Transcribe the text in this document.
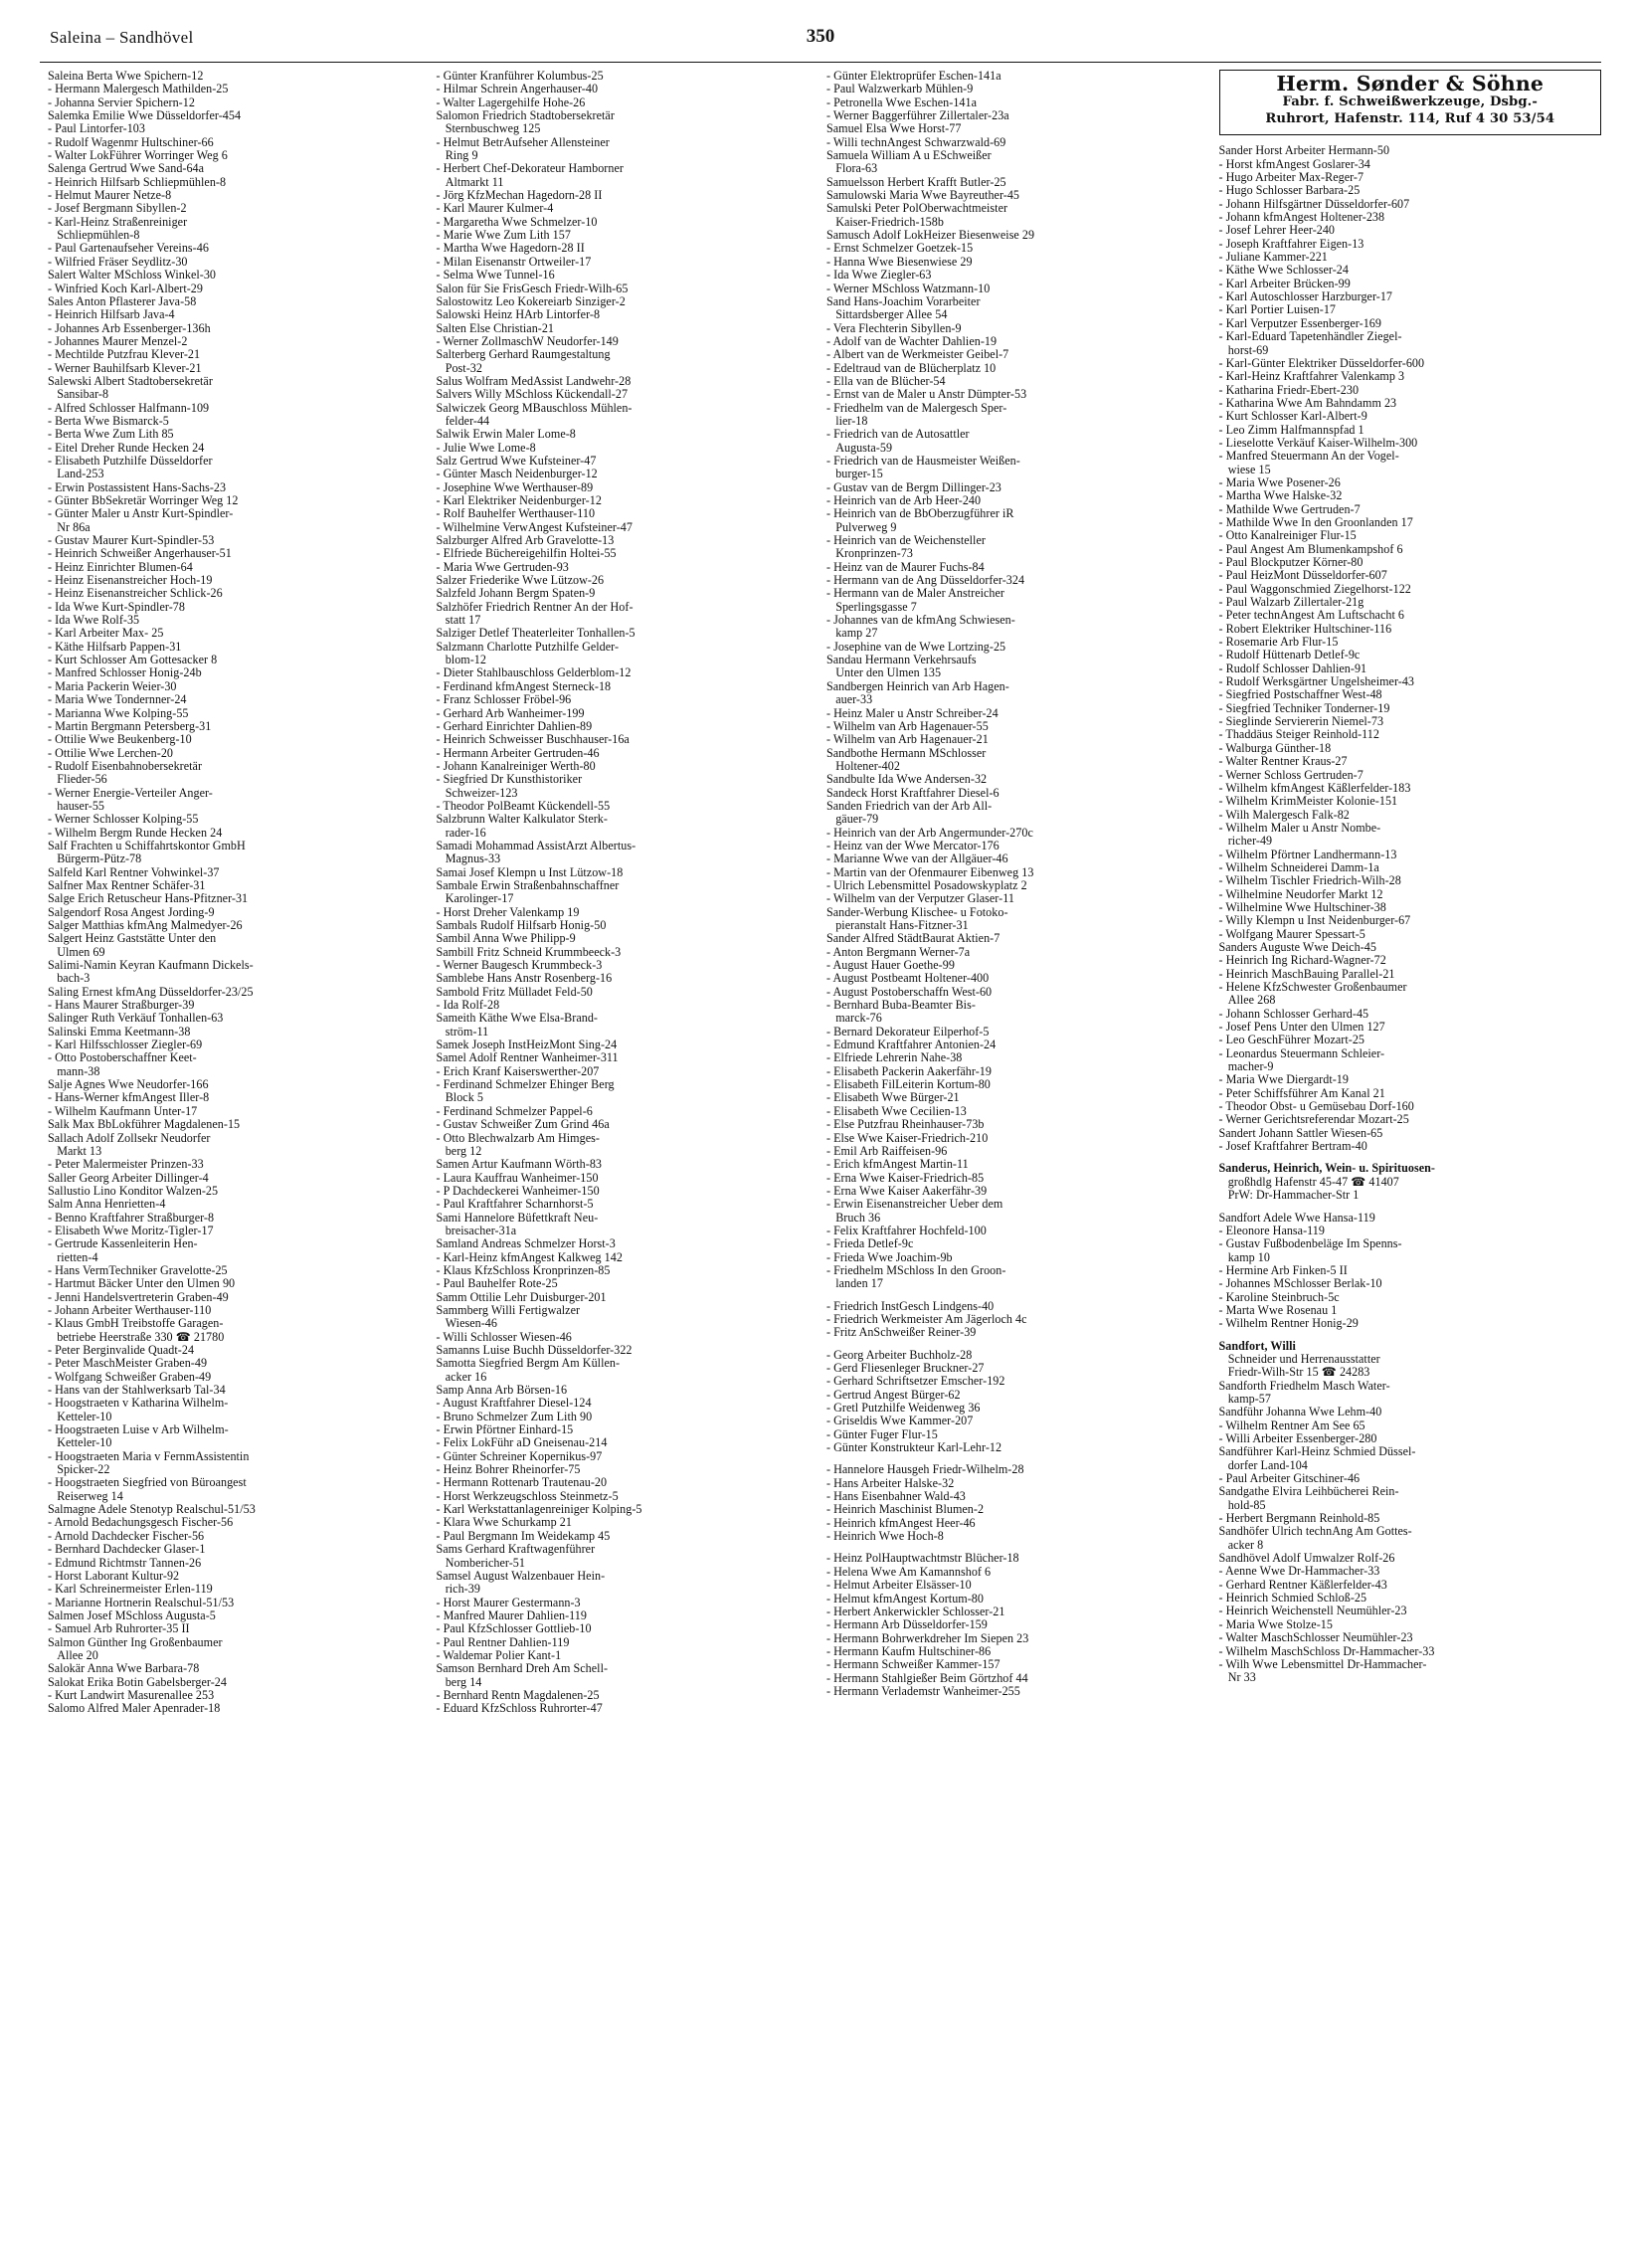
Saleina – Sandhövel	350
Saleina Berta Wwe Spichern-12
- Hermann Malergesch Mathilden-25
- Johanna Servier Spichern-12
Salemka Emilie Wwe Düsseldorfer-454
- Paul Lintorfer-103
- Rudolf Wagenmr Hultschiner-66
- Walter LokFührer Worringer Weg 6
Salenga Gertrud Wwe Sand-64a
- Heinrich Hilfsarb Schliepmühlen-8
- Helmut Maurer Netze-8
- Josef Bergmann Sibyllen-2
- Karl-Heinz Straßenreiniger
Schliepmühlen-8
- Paul Gartenaufseher Vereins-46
- Wilfried Fräser Seydlitz-30
Salert Walter MSchloss Winkel-30
- Winfried Koch Karl-Albert-29
Sales Anton Pflasterer Java-58
- Heinrich Hilfsarb Java-4
- Johannes Arb Essenberger-136h
- Johannes Maurer Menzel-2
- Mechtilde Putzfrau Klever-21
- Werner Bauhilfsarb Klever-21
Salewski Albert Stadtobersekretär
Sansibar-8
- Alfred Schlosser Halfmann-109
- Berta Wwe Bismarck-5
- Berta Wwe Zum Lith 85
- Eitel Dreher Runde Hecken 24
- Elisabeth Putzhilfe Düsseldorfer
Land-253
- Erwin Postassistent Hans-Sachs-23
- Günter BbSekretär Worringer Weg 12
- Günter Maler u Anstr Kurt-Spindler-
Nr 86a
- Gustav Maurer Kurt-Spindler-53
- Heinrich Schweißer Angerhauser-51
- Heinz Einrichter Blumen-64
- Heinz Eisenanstreicher Hoch-19
- Heinz Eisenanstreicher Schlick-26
- Ida Wwe Kurt-Spindler-78
- Ida Wwe Rolf-35
- Karl Arbeiter Max- 25
- Käthe Hilfsarb Pappen-31
- Kurt Schlosser Am Gottesacker 8
- Manfred Schlosser Honig-24b
- Maria Packerin Weier-30
- Maria Wwe Tondernner-24
- Marianna Wwe Kolping-55
- Martin Bergmann Petersberg-31
- Ottilie Wwe Beukenberg-10
- Ottilie Wwe Lerchen-20
- Rudolf Eisenbahnobersekretär
Flieder-56
- Werner Energie-Verteiler Anger-
hauser-55
- Werner Schlosser Kolping-55
- Wilhelm Bergm Runde Hecken 24
Salf Frachten u Schiffahrtskontor GmbH
Bürgerm-Pütz-78
Salfeld Karl Rentner Vohwinkel-37
Salfner Max Rentner Schäfer-31
Salge Erich Retuscheur Hans-Pfitzner-31
Salgendorf Rosa Angest Jording-9
Salger Matthias kfmAng Malmedyer-26
Salgert Heinz Gaststätte Unter den
Ulmen 69
Salimi-Namin Keyran Kaufmann Dickels-
bach-3
Saling Ernest kfmAng Düsseldorfer-23/25
- Hans Maurer Straßburger-39
Salinger Ruth Verkäuf Tonhallen-63
Salinski Emma Keetmann-38
- Karl Hilfsschlosser Ziegler-69
- Otto Postoberschaffner Keet-
mann-38
Salje Agnes Wwe Neudorfer-166
- Hans-Werner kfmAngest Iller-8
- Wilhelm Kaufmann Unter-17
Salk Max BbLokführer Magdalenen-15
Sallach Adolf Zollsekr Neudorfer
Markt 13
- Peter Malermeister Prinzen-33
Saller Georg Arbeiter Dillinger-4
Sallustio Lino Konditor Walzen-25
Salm Anna Henrietten-4
- Benno Kraftfahrer Straßburger-8
- Elisabeth Wwe Moritz-Tigler-17
- Gertrude Kassenleiterin Hen-
rietten-4
- Hans VermTechniker Gravelotte-25
- Hartmut Bäcker Unter den Ulmen 90
- Jenni Handelsvertreterin Graben-49
- Johann Arbeiter Werthauser-110
- Klaus GmbH Treibstoffe Garagen-
betriebe Heerstraße 330 ☎ 21780
- Peter Berginvalide Quadt-24
- Peter MaschMeister Graben-49
- Wolfgang Schweißer Graben-49
- Hans van der Stahlwerksarb Tal-34
- Hoogstraeten v Katharina Wilhelm-
Ketteler-10
- Hoogstraeten Luise v Arb Wilhelm-
Ketteler-10
- Hoogstraeten Maria v FernmAssistentin
Spicker-22
- Hoogstraeten Siegfried von Büroangest
Reiserweg 14
Salmagne Adele Stenotyp Realschul-51/53
- Arnold Bedachungsgesch Fischer-56
- Arnold Dachdecker Fischer-56
- Bernhard Dachdecker Glaser-1
- Edmund Richtmstr Tannen-26
- Horst Laborant Kultur-92
- Karl Schreinermeister Erlen-119
- Marianne Hortnerin Realschul-51/53
Salmen Josef MSchloss Augusta-5
- Samuel Arb Ruhrorter-35 II
Salmon Günther Ing Großenbaumer
Allee 20
Salokär Anna Wwe Barbara-78
Salokat Erika Botin Gabelsberger-24
- Kurt Landwirt Masurenallee 253
Salomo Alfred Maler Apenrader-18
- Günter Kranführer Kolumbus-25
- Hilmar Schrein Angerhauser-40
- Walter Lagergehilfe Hohe-26
Salomon Friedrich Stadtobersekretär
Sternbuschweg 125
- Helmut BetrAufseher Allensteiner
Ring 9
- Herbert Chef-Dekorateur Hamborner
Altmarkt 11
- Jörg KfzMechan Hagedorn-28 II
- Karl Maurer Kulmer-4
- Margaretha Wwe Schmelzer-10
- Marie Wwe Zum Lith 157
- Martha Wwe Hagedorn-28 II
- Milan Eisenanstr Ortweiler-17
- Selma Wwe Tunnel-16
Salon für Sie FrisGesch Friedr-Wilh-65
Salostowitz Leo Kokereiarb Sinziger-2
Salowski Heinz HArb Lintorfer-8
Salten Else Christian-21
- Werner ZollmaschW Neudorfer-149
Salterberg Gerhard Raumgestaltung
Post-32
Salus Wolfram MedAssist Landwehr-28
Salvers Willy MSchloss Kückendall-27
Salwiczek Georg MBauschloss Mühlen-
felder-44
Salwik Erwin Maler Lome-8
- Julie Wwe Lome-8
Salz Gertrud Wwe Kufsteiner-47
- Günter Masch Neidenburger-12
- Josephine Wwe Werthauser-89
- Karl Elektriker Neidenburger-12
- Rolf Bauhelfer Werthauser-110
- Wilhelmine VerwAngest Kufsteiner-47
Salzburger Alfred Arb Gravelotte-13
- Elfriede Büchereigehilfin Holtei-55
- Maria Wwe Gertruden-93
Salzer Friederike Wwe Lützow-26
Salzfeld Johann Bergm Spaten-9
Salzhöfer Friedrich Rentner An der Hof-
statt 17
Salziger Detlef Theaterleiter Tonhallen-5
Salzmann Charlotte Putzhilfe Gelder-
blom-12
- Dieter Stahlbauschloss Gelderblom-12
- Ferdinand kfmAngest Sterneck-18
- Franz Schlosser Fröbel-96
- Gerhard Arb Wanheimer-199
- Gerhard Einrichter Dahlien-89
- Heinrich Schweisser Buschhauser-16a
- Hermann Arbeiter Gertruden-46
- Johann Kanalreiniger Werth-80
- Siegfried Dr Kunsthistoriker
Schweizer-123
- Theodor PolBeamt Kückendell-55
Salzbrunn Walter Kalkulator Sterk-
rader-16
Samadi Mohammad AssistArzt Albertus-
Magnus-33
Samai Josef Klempn u Inst Lützow-18
Sambale Erwin Straßenbahnschaffner
Karolinger-17
- Horst Dreher Valenkamp 19
Sambals Rudolf Hilfsarb Honig-50
Sambil Anna Wwe Philipp-9
Sambill Fritz Schneid Krummbeeck-3
- Werner Baugesch Krummbeck-3
Samblebe Hans Anstr Rosenberg-16
Sambold Fritz Mülladet Feld-50
- Ida Rolf-28
Sameith Käthe Wwe Elsa-Brand-
ström-11
Samek Joseph InstHeizMont Sing-24
Samel Adolf Rentner Wanheimer-311
- Erich Kranf Kaiserswerther-207
- Ferdinand Schmelzer Ehinger Berg
Block 5
- Ferdinand Schmelzer Pappel-6
- Gustav Schweißer Zum Grind 46a
- Otto Blechwalzarb Am Himges-
berg 12
Samen Artur Kaufmann Wörth-83
- Laura Kauffrau Wanheimer-150
- P Dachdeckerei Wanheimer-150
- Paul Kraftfahrer Scharnhorst-5
Sami Hannelore Büfettkraft Neu-
breisacher-31a
Samland Andreas Schmelzer Horst-3
- Karl-Heinz kfmAngest Kalkweg 142
- Klaus KfzSchloss Kronprinzen-85
- Paul Bauhelfer Rote-25
Samm Ottilie Lehr Duisburger-201
Sammberg Willi Fertigwalzer
Wiesen-46
- Willi Schlosser Wiesen-46
Samanns Luise Buchh Düsseldorfer-322
Samotta Siegfried Bergm Am Küllen-
acker 16
Samp Anna Arb Börsen-16
- August Kraftfahrer Diesel-124
- Bruno Schmelzer Zum Lith 90
- Erwin Pförtner Einhard-15
- Felix LokFühr aD Gneisenau-214
- Günter Schreiner Kopernikus-97
- Heinz Bohrer Rheinorfer-75
- Hermann Rottenarb Trautenau-20
- Horst Werkzeugschloss Steinmetz-5
- Karl Werkstattanlagenreiniger Kolping-5
- Klara Wwe Schurkamp 21
- Paul Bergmann Im Weidekamp 45
Sams Gerhard Kraftwagenführer
Nombericher-51
Samsel August Walzenbauer Hein-
rich-39
- Horst Maurer Gestermann-3
- Manfred Maurer Dahlien-119
- Paul KfzSchlosser Gottlieb-10
- Paul Rentner Dahlien-119
- Waldemar Polier Kant-1
Samson Bernhard Dreh Am Schell-
berg 14
- Bernhard Rentn Magdalenen-25
- Eduard KfzSchloss Ruhrorter-47
- Günter Elektroprüfer Eschen-141a
- Paul Walzwerkarb Mühlen-9
- Petronella Wwe Eschen-141a
- Werner Baggerführer Zillertaler-23a
Samuel Elsa Wwe Horst-77
- Willi technAngest Schwarzwald-69
Samuela William A u ESchweißer
Flora-63
Samuelsson Herbert Krafft Butler-25
Samulowski Maria Wwe Bayreuther-45
Samulski Peter PolOberwachtmeister
Kaiser-Friedrich-158b
Samusch Adolf LokHeizer Biesenweise 29
- Ernst Schmelzer Goetzek-15
- Hanna Wwe Biesenwiese 29
- Ida Wwe Ziegler-63
- Werner MSchloss Watzmann-10
Sand Hans-Joachim Vorarbeiter
Sittardsberger Allee 54
- Vera Flechterin Sibyllen-9
- Adolf van de Wachter Dahlien-19
- Albert van de Werkmeister Geibel-7
- Edeltraud van de Blücherplatz 10
- Ella van de Blücher-54
- Ernst van de Maler u Anstr Dümpter-53
- Friedhelm van de Malergesch Sper-
lier-18
- Friedrich van de Autosattler
Augusta-59
- Friedrich van de Hausmeister Weißen-
burger-15
- Gustav van de Bergm Dillinger-23
- Heinrich van de Arb Heer-240
- Heinrich van de BbOberzugführer iR
Pulverweg 9
- Heinrich van de Weichensteller
Kronprinzen-73
- Heinz van de Maurer Fuchs-84
- Hermann van de Ang Düsseldorfer-324
- Hermann van de Maler Anstreicher
Sperlingsgasse 7
- Johannes van de kfmAng Schwiesen-
kamp 27
- Josephine van de Wwe Lortzing-25
Sandau Hermann Verkehrsaufs
Unter den Ulmen 135
Sandbergen Heinrich van Arb Hagen-
auer-33
- Heinz Maler u Anstr Schreiber-24
- Wilhelm van Arb Hagenauer-55
- Wilhelm van Arb Hagenauer-21
Sandbothe Hermann MSchlosser
Holtener-402
Sandbulte Ida Wwe Andersen-32
Sandeck Horst Kraftfahrer Diesel-6
Sanden Friedrich van der Arb All-
gäuer-79
- Heinrich van der Arb Angermunder-270c
- Heinz van der Wwe Mercator-176
- Marianne Wwe van der Allgäuer-46
- Martin van der Ofenmaurer Eibenweg 13
- Ulrich Lebensmittel Posadowskyplatz 2
- Wilhelm van der Verputzer Glaser-11
Sander-Werbung Klischee- u Fotoko-
pieranstalt Hans-Fitzner-31
Sander Alfred StädtBaurat Aktien-7
- Anton Bergmann Werner-7a
- August Hauer Goethe-99
- August Postbeamt Holtener-400
- August Postoberschaffn West-60
- Bernhard Buba-Beamter Bis-
marck-76
- Bernard Dekorateur Eilperhof-5
- Edmund Kraftfahrer Antonien-24
- Elfriede Lehrerin Nahe-38
- Elisabeth Packerin Aakerfähr-19
- Elisabeth FilLeiterin Kortum-80
- Elisabeth Wwe Bürger-21
- Elisabeth Wwe Cecilien-13
- Else Putzfrau Rheinhauser-73b
- Else Wwe Kaiser-Friedrich-210
- Emil Arb Raiffeisen-96
- Erich kfmAngest Martin-11
- Erna Wwe Kaiser-Friedrich-85
- Erna Wwe Kaiser Aakerfähr-39
- Erwin Eisenanstreicher Ueber dem
Bruch 36
- Felix Kraftfahrer Hochfeld-100
- Frieda Detlef-9c
- Frieda Wwe Joachim-9b
- Friedhelm MSchloss In den Groon-
landen 17
- Friedrich InstGesch Lindgens-40
- Friedrich Werkmeister Am Jägerloch 4c
- Fritz AnSchweißer Reiner-39
- Georg Arbeiter Buchholz-28
- Gerd Fliesenleger Bruckner-27
- Gerhard Schriftsetzer Emscher-192
- Gertrud Angest Bürger-62
- Gretl Putzhilfe Weidenweg 36
- Griseldis Wwe Kammer-207
- Günter Fuger Flur-15
- Günter Konstrukteur Karl-Lehr-12
- Hannelore Hausgeh Friedr-Wilhelm-28
- Hans Arbeiter Halske-32
- Hans Eisenbahner Wald-43
- Heinrich Maschinist Blumen-2
- Heinrich kfmAngest Heer-46
- Heinrich Wwe Hoch-8
- Heinz PolHauptwachtmstr Blücher-18
- Helena Wwe Am Kamannshof 6
- Helmut Arbeiter Elsässer-10
- Helmut kfmAngest Kortum-80
- Herbert Ankerwickler Schlosser-21
- Hermann Arb Düsseldorfer-159
- Hermann Bohrwerkdreher Im Siepen 23
- Hermann Kaufm Hultschiner-86
- Hermann Schweißer Kammer-157
- Hermann Stahlgießer Beim Görtzhof 44
- Hermann Verlademstr Wanheimer-255
Herm. Sønder & Söhne
Fabr. f. Schweißwerkzeuge, Dsbg.-
Ruhrort, Hafenstr. 114, Ruf 4 30 53/54
Sander Horst Arbeiter Hermann-50
- Horst kfmAngest Goslarer-34
- Hugo Arbeiter Max-Reger-7
- Hugo Schlosser Barbara-25
- Johann Hilfsgärtner Düsseldorfer-607
- Johann kfmAngest Holtener-238
- Josef Lehrer Heer-240
- Joseph Kraftfahrer Eigen-13
- Juliane Kammer-221
- Käthe Wwe Schlosser-24
- Karl Arbeiter Brücken-99
- Karl Autoschlosser Harzburger-17
- Karl Portier Luisen-17
- Karl Verputzer Essenberger-169
- Karl-Eduard Tapetenhändler Ziegel-
horst-69
- Karl-Günter Elektriker Düsseldorfer-600
- Karl-Heinz Kraftfahrer Valenkamp 3
- Katharina Friedr-Ebert-230
- Katharina Wwe Am Bahndamm 23
- Kurt Schlosser Karl-Albert-9
- Leo Zimm Halfmannspfad 1
- Lieselotte Verkäuf Kaiser-Wilhelm-300
- Manfred Steuermann An der Vogel-
wiese 15
- Maria Wwe Posener-26
- Martha Wwe Halske-32
- Mathilde Wwe Gertruden-7
- Mathilde Wwe In den Groonlanden 17
- Otto Kanalreiniger Flur-15
- Paul Angest Am Blumenkampshof 6
- Paul Blockputzer Körner-80
- Paul HeizMont Düsseldorfer-607
- Paul Waggonschmied Ziegelhorst-122
- Paul Walzarb Zillertaler-21g
- Peter technAngest Am Luftschacht 6
- Robert Elektriker Hultschiner-116
- Rosemarie Arb Flur-15
- Rudolf Hüttenarb Detlef-9c
- Rudolf Schlosser Dahlien-91
- Rudolf Werksgärtner Ungelsheimer-43
- Siegfried Postschaffner West-48
- Siegfried Techniker Tonderner-19
- Sieglinde Serviererin Niemel-73
- Thaddäus Steiger Reinhold-112
- Walburga Günther-18
- Walter Rentner Kraus-27
- Werner Schloss Gertruden-7
- Wilhelm kfmAngest Käßlerfelder-183
- Wilhelm KrimMeister Kolonie-151
- Wilh Malergesch Falk-82
- Wilhelm Maler u Anstr Nombe-
richer-49
- Wilhelm Pförtner Landhermann-13
- Wilhelm Schneiderei Damm-1a
- Wilhelm Tischler Friedrich-Wilh-28
- Wilhelmine Neudorfer Markt 12
- Wilhelmine Wwe Hultschiner-38
- Willy Klempn u Inst Neidenburger-67
- Wolfgang Maurer Spessart-5
Sanders Auguste Wwe Deich-45
- Heinrich Ing Richard-Wagner-72
- Heinrich MaschBauing Parallel-21
- Helene KfzSchwester Großenbaumer
Allee 268
- Johann Schlosser Gerhard-45
- Josef Pens Unter den Ulmen 127
- Leo GeschFührer Mozart-25
- Leonardus Steuermann Schleier-
macher-9
- Maria Wwe Diergardt-19
- Peter Schiffsführer Am Kanal 21
- Theodor Obst- u Gemüsebau Dorf-160
- Werner Gerichtsreferendar Mozart-25
Sandert Johann Sattler Wiesen-65
- Josef Kraftfahrer Bertram-40
Sanderus, Heinrich, Wein- u. Spirituosen-
großhdlg Hafenstr 45-47 ☎ 41407
PrW: Dr-Hammacher-Str 1
Sandfort Adele Wwe Hansa-119
- Eleonore Hansa-119
- Gustav Fußbodenbeläge Im Spenns-
kamp 10
- Hermine Arb Finken-5 II
- Johannes MSchlosser Berlak-10
- Karoline Steinbruch-5c
- Marta Wwe Rosenau 1
- Wilhelm Rentner Honig-29
Sandfort, Willi
Schneider und Herrenausstatter
Friedr-Wilh-Str 15 ☎ 24283
Sandforth Friedhelm Masch Water-
kamp-57
Sandführ Johanna Wwe Lehm-40
- Wilhelm Rentner Am See 65
- Willi Arbeiter Essenberger-280
Sandführer Karl-Heinz Schmied Düssel-
dorfer Land-104
- Paul Arbeiter Gitschiner-46
Sandgathe Elvira Leihbücherei Rein-
hold-85
- Herbert Bergmann Reinhold-85
Sandhöfer Ulrich technAng Am Gottes-
acker 8
Sandhövel Adolf Umwalzer Rolf-26
- Aenne Wwe Dr-Hammacher-33
- Gerhard Rentner Käßlerfelder-43
- Heinrich Schmied Schloß-25
- Heinrich Weichenstell Neumühler-23
- Maria Wwe Stolze-15
- Walter MaschSchlosser Neumühler-23
- Wilhelm MaschSchloss Dr-Hammacher-33
- Wilh Wwe Lebensmittel Dr-Hammacher-
Nr 33
